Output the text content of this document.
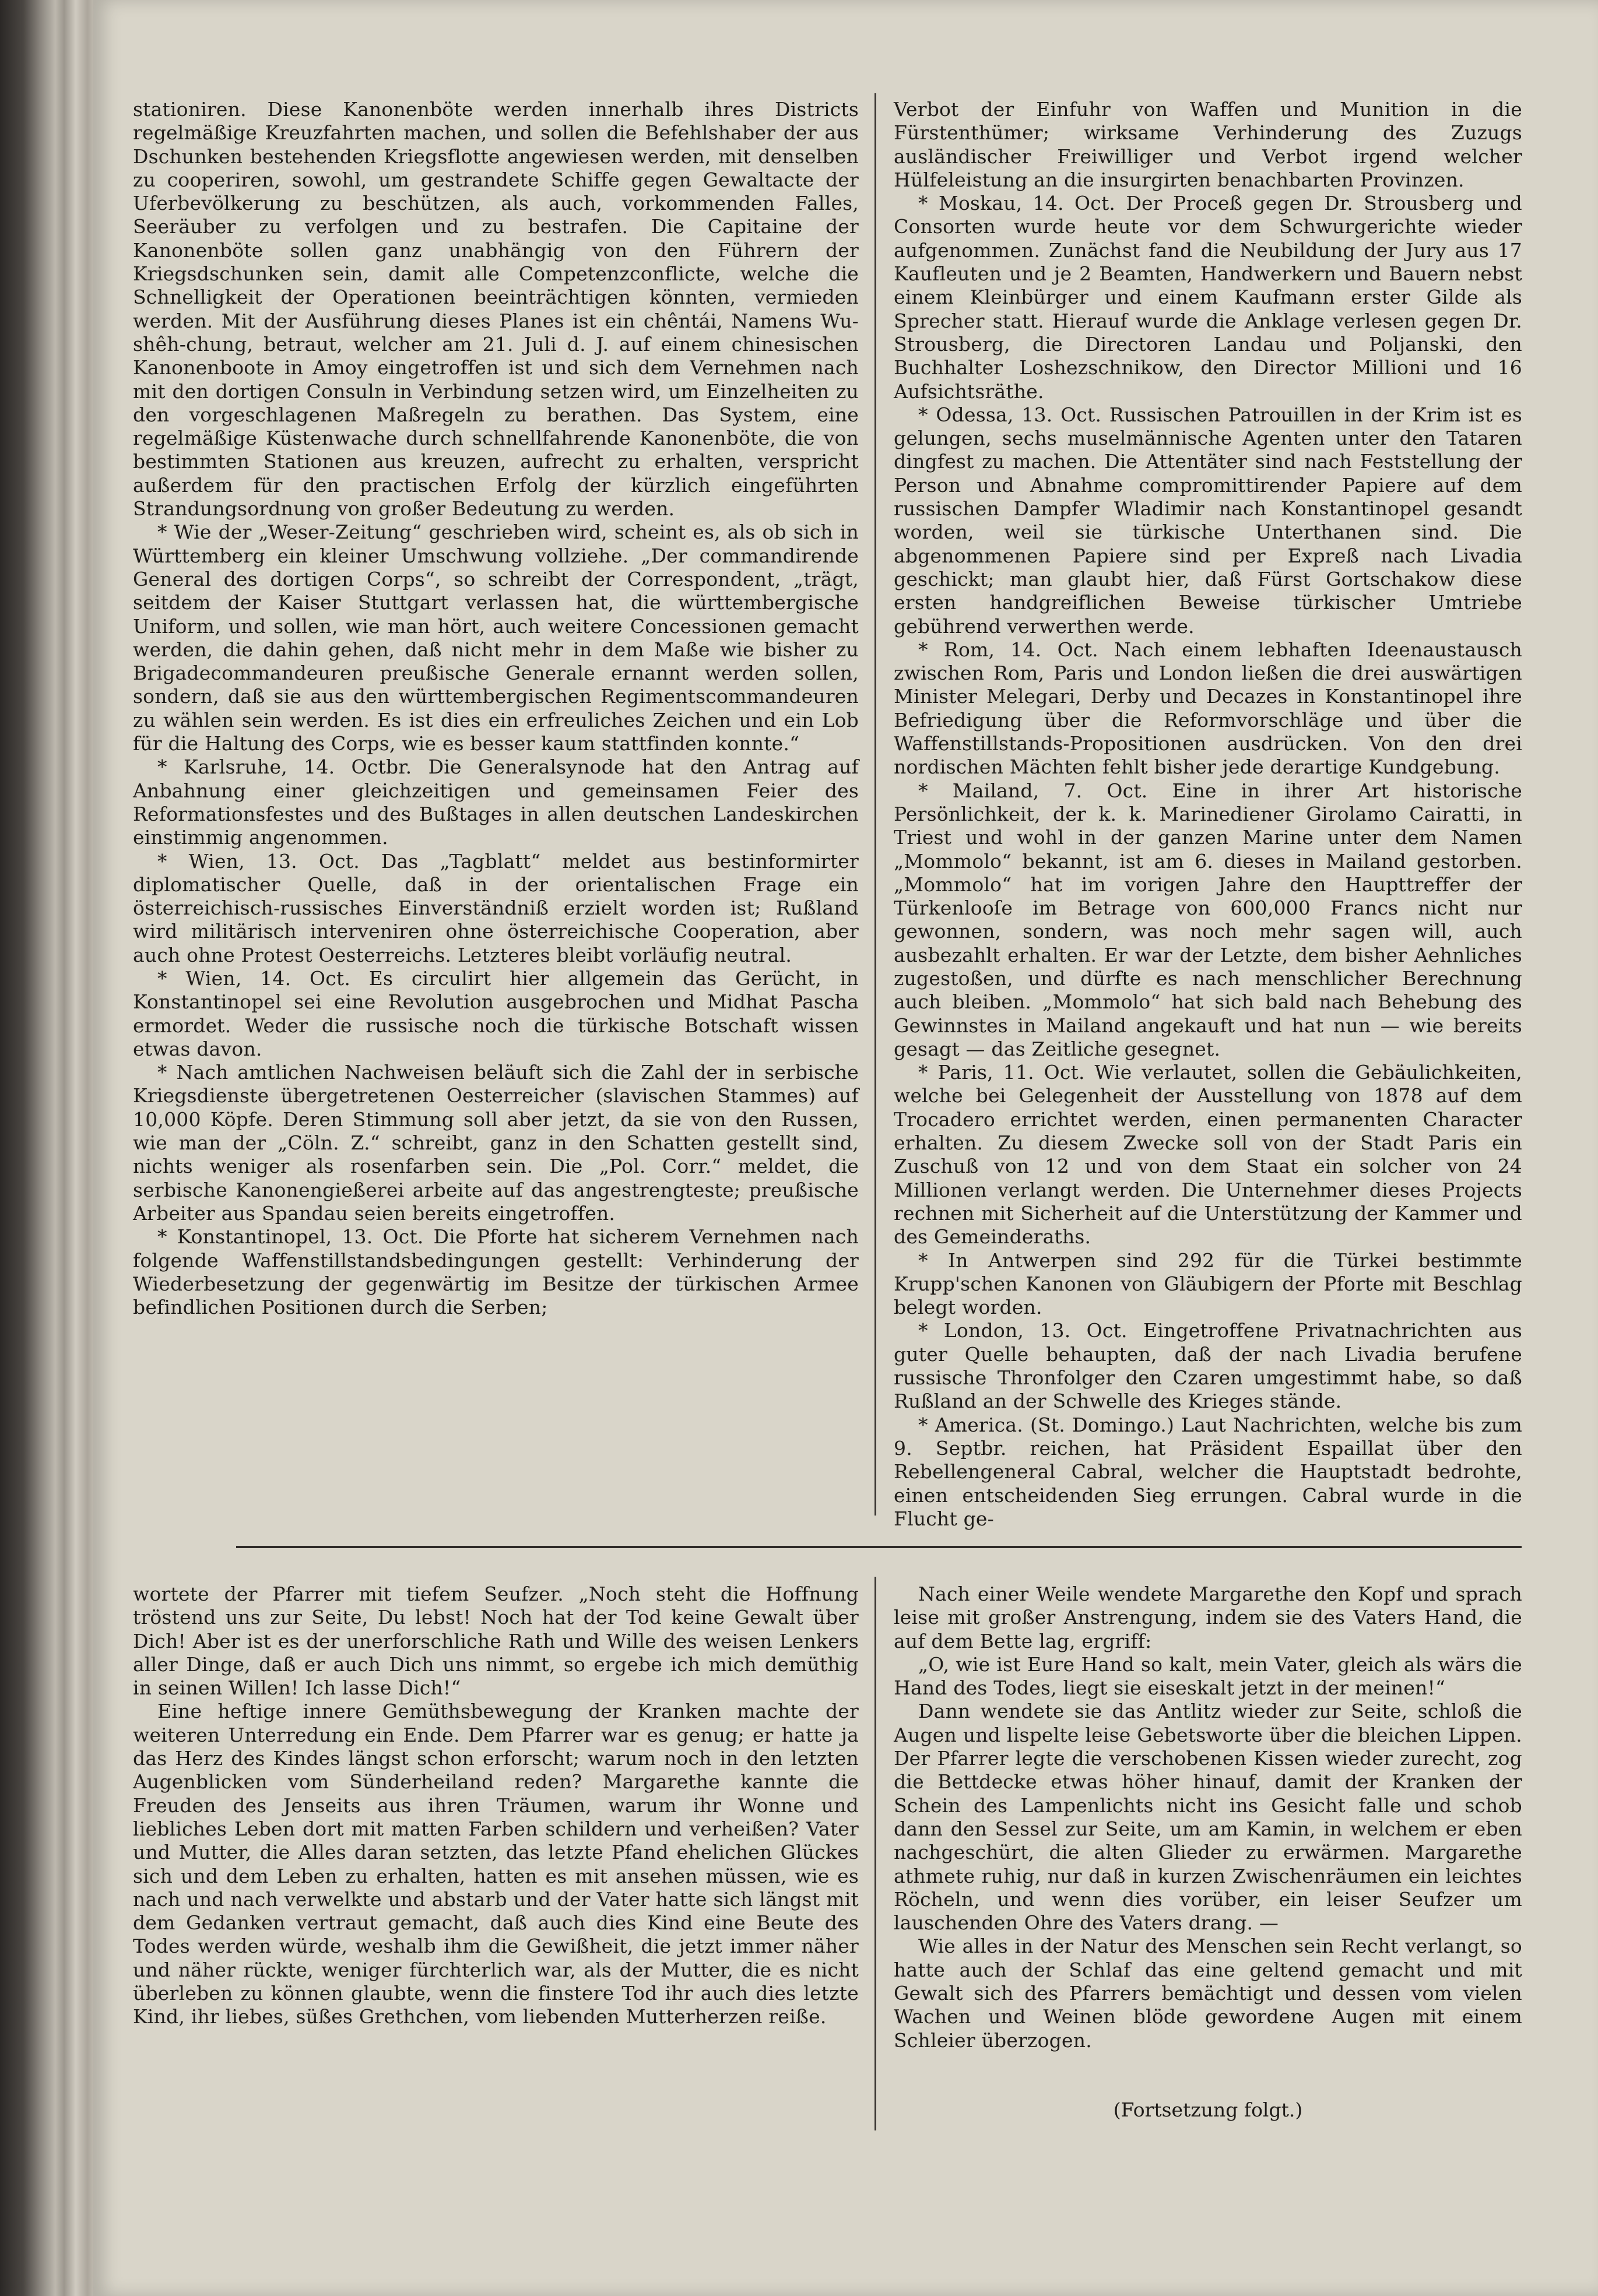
stationiren. Diese Kanonenböte werden innerhalb ihres Districts regelmäßige Kreuzfahrten machen, und sollen die Befehlshaber der aus Dschunken bestehenden Kriegsflotte angewiesen werden, mit denselben zu cooperiren, sowohl, um gestrandete Schiffe gegen Gewaltacte der Uferbevölkerung zu beschützen, als auch, vorkommenden Falles, Seeräuber zu verfolgen und zu bestrafen. Die Capitaine der Kanonenböte sollen ganz unabhängig von den Führern der Kriegsdschunken sein, damit alle Competenzconflicte, welche die Schnelligkeit der Operationen beeinträchtigen könnten, vermieden werden. Mit der Ausführung dieses Planes ist ein chêntái, Namens Wu-shêh-chung, betraut, welcher am 21. Juli d. J. auf einem chinesischen Kanonenboote in Amoy eingetroffen ist und sich dem Vernehmen nach mit den dortigen Consuln in Verbindung setzen wird, um Einzelheiten zu den vorgeschlagenen Maßregeln zu berathen. Das System, eine regelmäßige Küstenwache durch schnellfahrende Kanonenböte, die von bestimmten Stationen aus kreuzen, aufrecht zu erhalten, verspricht außerdem für den practischen Erfolg der kürzlich eingeführten Strandungsordnung von großer Bedeutung zu werden.

* Wie der „Weser-Zeitung“ geschrieben wird, scheint es, als ob sich in Württemberg ein kleiner Umschwung vollziehe. „Der commandirende General des dortigen Corps“, so schreibt der Correspondent, „trägt, seitdem der Kaiser Stuttgart verlassen hat, die württembergische Uniform, und sollen, wie man hört, auch weitere Concessionen gemacht werden, die dahin gehen, daß nicht mehr in dem Maße wie bisher zu Brigadecommandeuren preußische Generale ernannt werden sollen, sondern, daß sie aus den württembergischen Regimentscommandeuren zu wählen sein werden. Es ist dies ein erfreuliches Zeichen und ein Lob für die Haltung des Corps, wie es besser kaum stattfinden konnte.“

* Karlsruhe, 14. Octbr. Die Generalsynode hat den Antrag auf Anbahnung einer gleichzeitigen und gemeinsamen Feier des Reformationsfestes und des Bußtages in allen deutschen Landeskirchen einstimmig angenommen.

* Wien, 13. Oct. Das „Tagblatt“ meldet aus bestinformirter diplomatischer Quelle, daß in der orientalischen Frage ein österreichisch-russisches Einverständniß erzielt worden ist; Rußland wird militärisch interveniren ohne österreichische Cooperation, aber auch ohne Protest Oesterreichs. Letzteres bleibt vorläufig neutral.

* Wien, 14. Oct. Es circulirt hier allgemein das Gerücht, in Konstantinopel sei eine Revolution ausgebrochen und Midhat Pascha ermordet. Weder die russische noch die türkische Botschaft wissen etwas davon.

* Nach amtlichen Nachweisen beläuft sich die Zahl der in serbische Kriegsdienste übergetretenen Oesterreicher (slavischen Stammes) auf 10,000 Köpfe. Deren Stimmung soll aber jetzt, da sie von den Russen, wie man der „Cöln. Z.“ schreibt, ganz in den Schatten gestellt sind, nichts weniger als rosenfarben sein. Die „Pol. Corr.“ meldet, die serbische Kanonengießerei arbeite auf das angestrengteste; preußische Arbeiter aus Spandau seien bereits eingetroffen.

* Konstantinopel, 13. Oct. Die Pforte hat sicherem Vernehmen nach folgende Waffenstillstandsbedingungen gestellt: Verhinderung der Wiederbesetzung der gegenwärtig im Besitze der türkischen Armee befindlichen Positionen durch die Serben;

Verbot der Einfuhr von Waffen und Munition in die Fürstenthümer; wirksame Verhinderung des Zuzugs ausländischer Freiwilliger und Verbot irgend welcher Hülfeleistung an die insurgirten benachbarten Provinzen.

* Moskau, 14. Oct. Der Proceß gegen Dr. Strousberg und Consorten wurde heute vor dem Schwurgerichte wieder aufgenommen. Zunächst fand die Neubildung der Jury aus 17 Kaufleuten und je 2 Beamten, Handwerkern und Bauern nebst einem Kleinbürger und einem Kaufmann erster Gilde als Sprecher statt. Hierauf wurde die Anklage verlesen gegen Dr. Strousberg, die Directoren Landau und Poljanski, den Buchhalter Loshezschnikow, den Director Millioni und 16 Aufsichtsräthe.

* Odessa, 13. Oct. Russischen Patrouillen in der Krim ist es gelungen, sechs muselmännische Agenten unter den Tataren dingfest zu machen. Die Attentäter sind nach Feststellung der Person und Abnahme compromittirender Papiere auf dem russischen Dampfer Wladimir nach Konstantinopel gesandt worden, weil sie türkische Unterthanen sind. Die abgenommenen Papiere sind per Expreß nach Livadia geschickt; man glaubt hier, daß Fürst Gortschakow diese ersten handgreiflichen Beweise türkischer Umtriebe gebührend verwerthen werde.

* Rom, 14. Oct. Nach einem lebhaften Ideenaustausch zwischen Rom, Paris und London ließen die drei auswärtigen Minister Melegari, Derby und Decazes in Konstantinopel ihre Befriedigung über die Reformvorschläge und über die Waffenstillstands-Propositionen ausdrücken. Von den drei nordischen Mächten fehlt bisher jede derartige Kundgebung.

* Mailand, 7. Oct. Eine in ihrer Art historische Persönlichkeit, der k. k. Marinediener Girolamo Cairatti, in Triest und wohl in der ganzen Marine unter dem Namen „Mommolo“ bekannt, ist am 6. dieses in Mailand gestorben. „Mommolo“ hat im vorigen Jahre den Haupttreffer der Türkenlooſe im Betrage von 600,000 Francs nicht nur gewonnen, sondern, was noch mehr sagen will, auch ausbezahlt erhalten. Er war der Letzte, dem bisher Aehnliches zugestoßen, und dürfte es nach menschlicher Berechnung auch bleiben. „Mommolo“ hat sich bald nach Behebung des Gewinnstes in Mailand angekauft und hat nun — wie bereits gesagt — das Zeitliche gesegnet.

* Paris, 11. Oct. Wie verlautet, sollen die Gebäulichkeiten, welche bei Gelegenheit der Ausstellung von 1878 auf dem Trocadero errichtet werden, einen permanenten Character erhalten. Zu diesem Zwecke soll von der Stadt Paris ein Zuschuß von 12 und von dem Staat ein solcher von 24 Millionen verlangt werden. Die Unternehmer dieses Projects rechnen mit Sicherheit auf die Unterstützung der Kammer und des Gemeinderaths.

* In Antwerpen sind 292 für die Türkei bestimmte Krupp'schen Kanonen von Gläubigern der Pforte mit Beschlag belegt worden.

* London, 13. Oct. Eingetroffene Privatnachrichten aus guter Quelle behaupten, daß der nach Livadia berufene russische Thronfolger den Czaren umgestimmt habe, so daß Rußland an der Schwelle des Krieges stände.

* America. (St. Domingo.) Laut Nachrichten, welche bis zum 9. Septbr. reichen, hat Präsident Espaillat über den Rebellengeneral Cabral, welcher die Hauptstadt bedrohte, einen entscheidenden Sieg errungen. Cabral wurde in die Flucht ge-

wortete der Pfarrer mit tiefem Seufzer. „Noch steht die Hoffnung tröstend uns zur Seite, Du lebst! Noch hat der Tod keine Gewalt über Dich! Aber ist es der unerforschliche Rath und Wille des weisen Lenkers aller Dinge, daß er auch Dich uns nimmt, so ergebe ich mich demüthig in seinen Willen! Ich lasse Dich!“

Eine heftige innere Gemüthsbewegung der Kranken machte der weiteren Unterredung ein Ende. Dem Pfarrer war es genug; er hatte ja das Herz des Kindes längst schon erforscht; warum noch in den letzten Augenblicken vom Sünderheiland reden? Margarethe kannte die Freuden des Jenseits aus ihren Träumen, warum ihr Wonne und liebliches Leben dort mit matten Farben schildern und verheißen? Vater und Mutter, die Alles daran setzten, das letzte Pfand ehelichen Glückes sich und dem Leben zu erhalten, hatten es mit ansehen müssen, wie es nach und nach verwelkte und abstarb und der Vater hatte sich längst mit dem Gedanken vertraut gemacht, daß auch dies Kind eine Beute des Todes werden würde, weshalb ihm die Gewißheit, die jetzt immer näher und näher rückte, weniger fürchterlich war, als der Mutter, die es nicht überleben zu können glaubte, wenn die finstere Tod ihr auch dies letzte Kind, ihr liebes, süßes Grethchen, vom liebenden Mutterherzen reiße.

Nach einer Weile wendete Margarethe den Kopf und sprach leise mit großer Anstrengung, indem sie des Vaters Hand, die auf dem Bette lag, ergriff:

„O, wie ist Eure Hand so kalt, mein Vater, gleich als wärs die Hand des Todes, liegt sie eiseskalt jetzt in der meinen!“

Dann wendete sie das Antlitz wieder zur Seite, schloß die Augen und lispelte leise Gebetsworte über die bleichen Lippen. Der Pfarrer legte die verschobenen Kissen wieder zurecht, zog die Bettdecke etwas höher hinauf, damit der Kranken der Schein des Lampenlichts nicht ins Gesicht falle und schob dann den Sessel zur Seite, um am Kamin, in welchem er eben nachgeschürt, die alten Glieder zu erwärmen. Margarethe athmete ruhig, nur daß in kurzen Zwischenräumen ein leichtes Röcheln, und wenn dies vorüber, ein leiser Seufzer um lauschenden Ohre des Vaters drang. —

Wie alles in der Natur des Menschen sein Recht verlangt, so hatte auch der Schlaf das eine geltend gemacht und mit Gewalt sich des Pfarrers bemächtigt und dessen vom vielen Wachen und Weinen blöde gewordene Augen mit einem Schleier überzogen.

(Fortsetzung folgt.)
